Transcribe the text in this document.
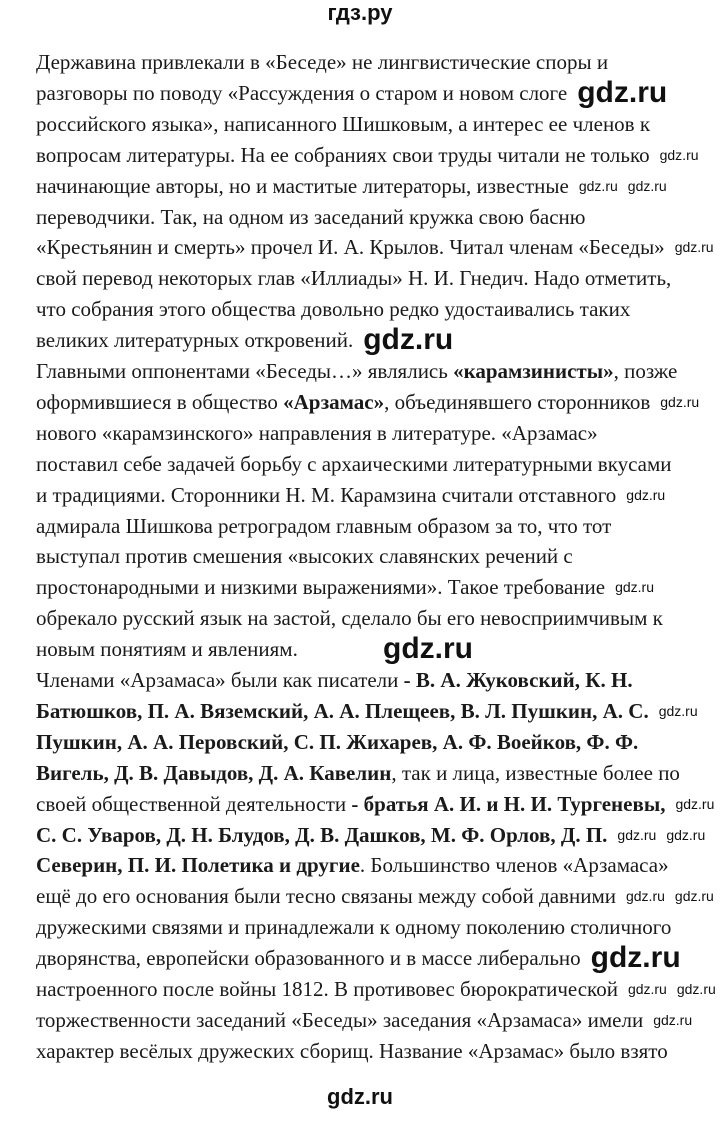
гдз.ру
Державина привлекали в «Беседе» не лингвистические споры и
разговоры по поводу «Рассуждения о старом и новом слоге
российского языка», написанного Шишковым, а интерес ее членов к
вопросам литературы. На ее собраниях свои труды читали не только
начинающие авторы, но и маститые литераторы, известные
переводчики. Так, на одном из заседаний кружка свою басню
«Крестьянин и смерть» прочел И. А. Крылов. Читал членам «Беседы»
свой перевод некоторых глав «Иллиады» Н. И. Гнедич. Надо отметить,
что собрания этого общества довольно редко удостаивались таких
великих литературных откровений.
Главными оппонентами «Беседы…» являлись «карамзинисты», позже
оформившиеся в общество «Арзамас», объединявшего сторонников
нового «карамзинского» направления в литературе. «Арзамас»
поставил себе задачей борьбу с архаическими литературными вкусами
и традициями. Сторонники Н. М. Карамзина считали отставного
адмирала Шишкова ретроградом главным образом за то, что тот
выступал против смешения «высоких славянских речений с
простонародными и низкими выражениями». Такое требование
обрекало русский язык на застой, сделало бы его невосприимчивым к
новым понятиям и явлениям.
Членами «Арзамаса» были как писатели - В. А. Жуковский, К. Н.
Батюшков, П. А. Вяземский, А. А. Плещеев, В. Л. Пушкин, А. С.
Пушкин, А. А. Перовский, С. П. Жихарев, А. Ф. Воейков, Ф. Ф.
Вигель, Д. В. Давыдов, Д. А. Кавелин, так и лица, известные более по
своей общественной деятельности - братья А. И. и Н. И. Тургеневы,
С. С. Уваров, Д. Н. Блудов, Д. В. Дашков, М. Ф. Орлов, Д. П.
Северин, П. И. Полетика и другие. Большинство членов «Арзамаса»
ещё до его основания были тесно связаны между собой давними
дружескими связями и принадлежали к одному поколению столичного
дворянства, европейски образованного и в массе либерально
настроенного после войны 1812. В противовес бюрократической
торжественности заседаний «Беседы» заседания «Арзамаса» имели
характер весёлых дружеских сборищ. Название «Арзамас» было взято
gdz.ru
gdz.ru
gdz.ru
gdz.ru
gdz.ru
gdz.ru gdz.ru
gdz.ru
gdz.ru
gdz.ru
gdz.ru
gdz.ru
gdz.ru
gdz.ru
gdz.ru gdz.ru
gdz.ru
gdz.ru
gdz.ru
gdz.ru
gdz.ru
